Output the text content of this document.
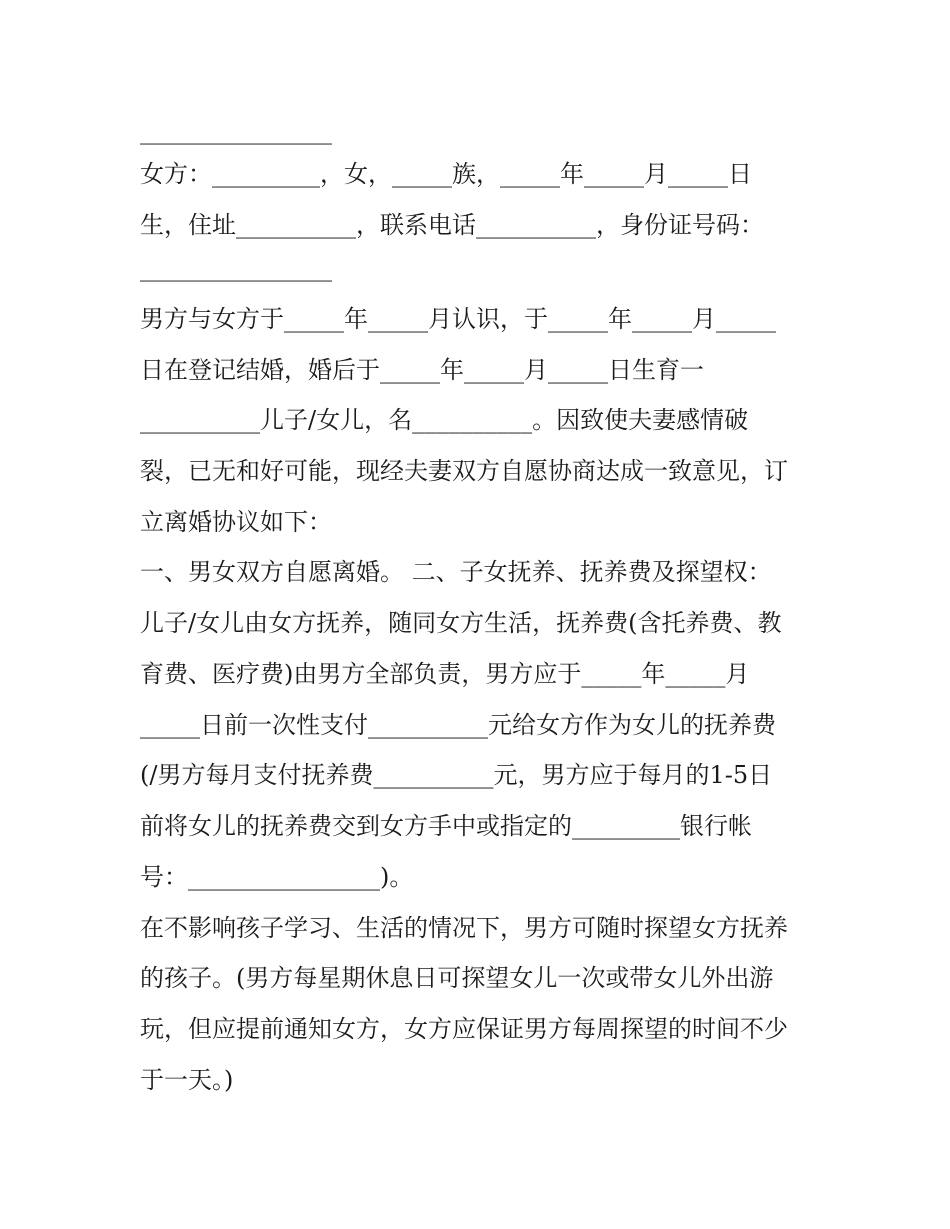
________________
女方：_________，女，_____族，_____年_____月_____日
生，住址__________，联系电话__________，身份证号码：
________________
男方与女方于_____年_____月认识，于_____年_____月_____
日在登记结婚，婚后于_____年_____月_____日生育一
__________儿子/女儿，名__________。因致使夫妻感情破
裂，已无和好可能，现经夫妻双方自愿协商达成一致意见，订
立离婚协议如下：
一、男女双方自愿离婚。 二、子女抚养、抚养费及探望权：
儿子/女儿由女方抚养，随同女方生活，抚养费(含托养费、教
育费、医疗费)由男方全部负责，男方应于_____年_____月
_____日前一次性支付__________元给女方作为女儿的抚养费
(/男方每月支付抚养费__________元，男方应于每月的1-5日
前将女儿的抚养费交到女方手中或指定的_________银行帐
号：________________)。
在不影响孩子学习、生活的情况下，男方可随时探望女方抚养
的孩子。(男方每星期休息日可探望女儿一次或带女儿外出游
玩，但应提前通知女方，女方应保证男方每周探望的时间不少
于一天。)
